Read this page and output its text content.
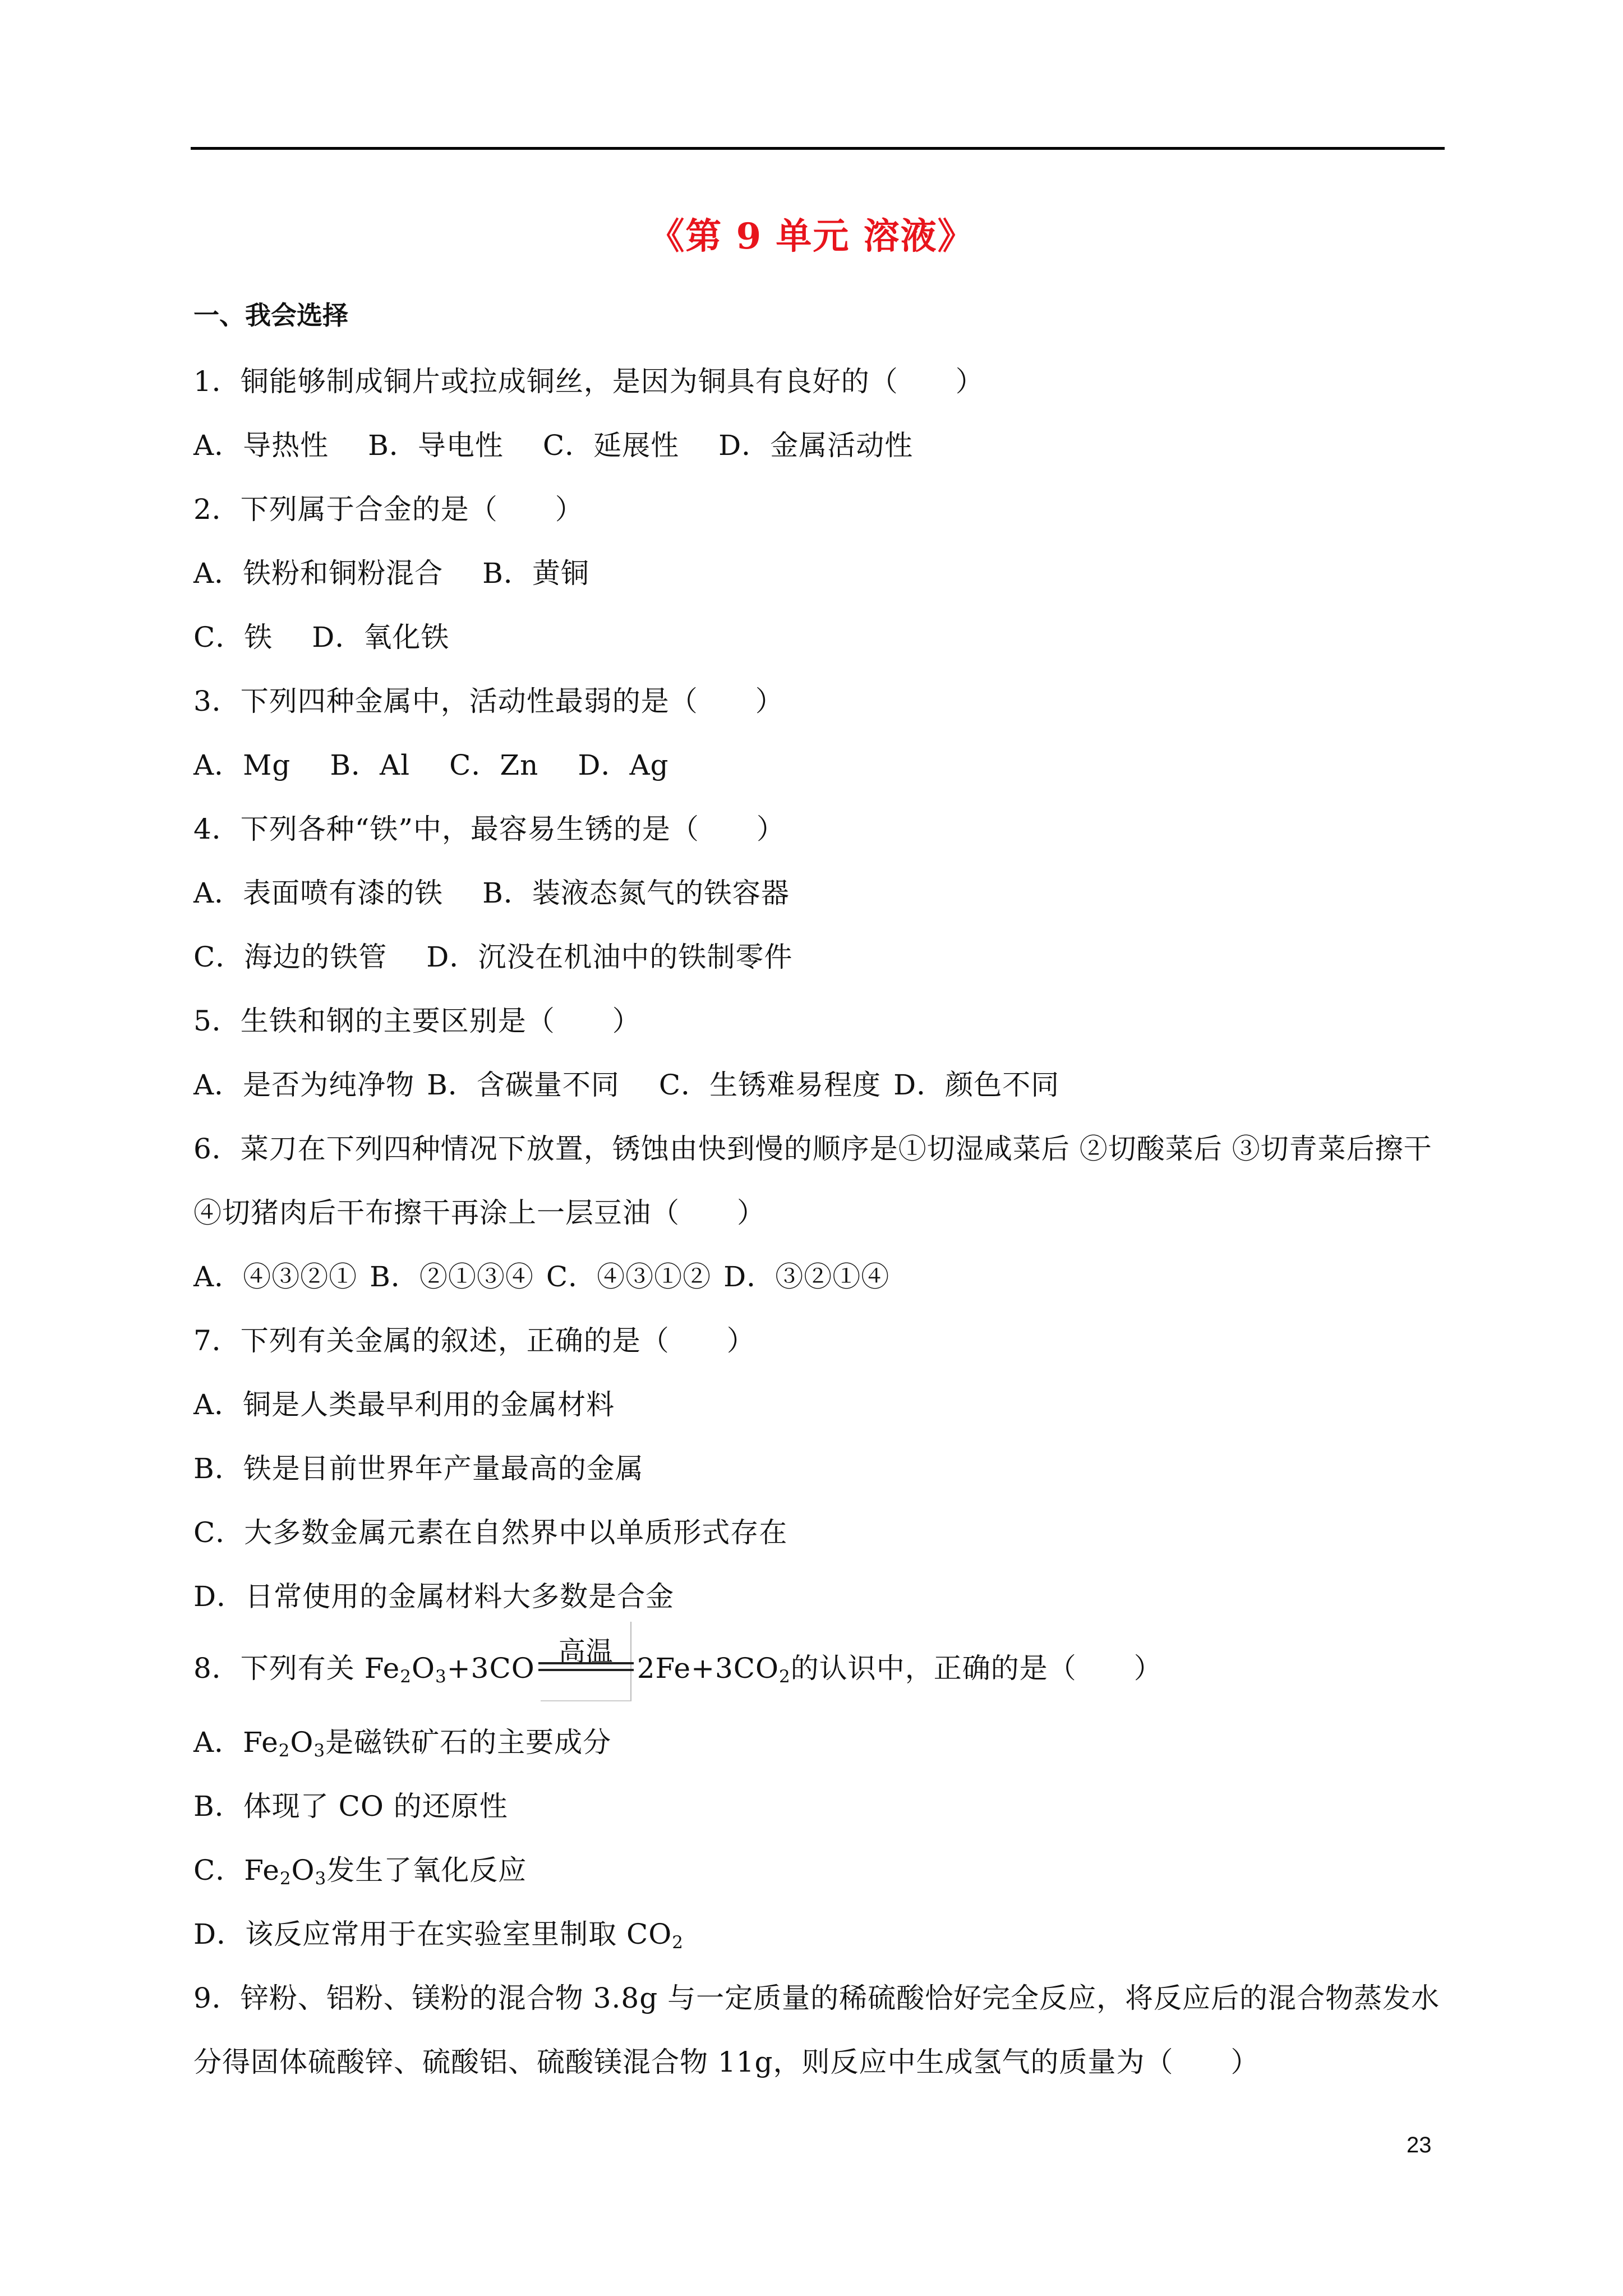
《第 9 单元 溶液》
一、我会选择
1．铜能够制成铜片或拉成铜丝，是因为铜具有良好的（　　）
A．导热性 B．导电性 C．延展性 D．金属活动性
2．下列属于合金的是（　　）
A．铁粉和铜粉混合 B．黄铜
C．铁 D．氧化铁
3．下列四种金属中，活动性最弱的是（　　）
A．Mg B．Al C．Zn D．Ag
4．下列各种“铁”中，最容易生锈的是（　　）
A．表面喷有漆的铁 B．装液态氮气的铁容器
C．海边的铁管 D．沉没在机油中的铁制零件
5．生铁和钢的主要区别是（　　）
A．是否为纯净物 B．含碳量不同 C．生锈难易程度 D．颜色不同
6．菜刀在下列四种情况下放置，锈蚀由快到慢的顺序是①切湿咸菜后 ②切酸菜后 ③切青菜后擦干
④切猪肉后干布擦干再涂上一层豆油（　　）
A．④③②① B．②①③④ C．④③①② D．③②①④
7．下列有关金属的叙述，正确的是（　　）
A．铜是人类最早利用的金属材料
B．铁是目前世界年产量最高的金属
C．大多数金属元素在自然界中以单质形式存在
D．日常使用的金属材料大多数是合金
8．下列有关 $Fe_2O_3+3CO$
高温
$2Fe+3CO_2$的认识中，正确的是（　　）
A．$Fe_2O_3$是磁铁矿石的主要成分
B．体现了 CO 的还原性
C．$Fe_2O_3$发生了氧化反应
D．该反应常用于在实验室里制取 $CO_2$
9．锌粉、铝粉、镁粉的混合物 3.8g 与一定质量的稀硫酸恰好完全反应，将反应后的混合物蒸发水
分得固体硫酸锌、硫酸铝、硫酸镁混合物 11g，则反应中生成氢气的质量为（　　）
23
